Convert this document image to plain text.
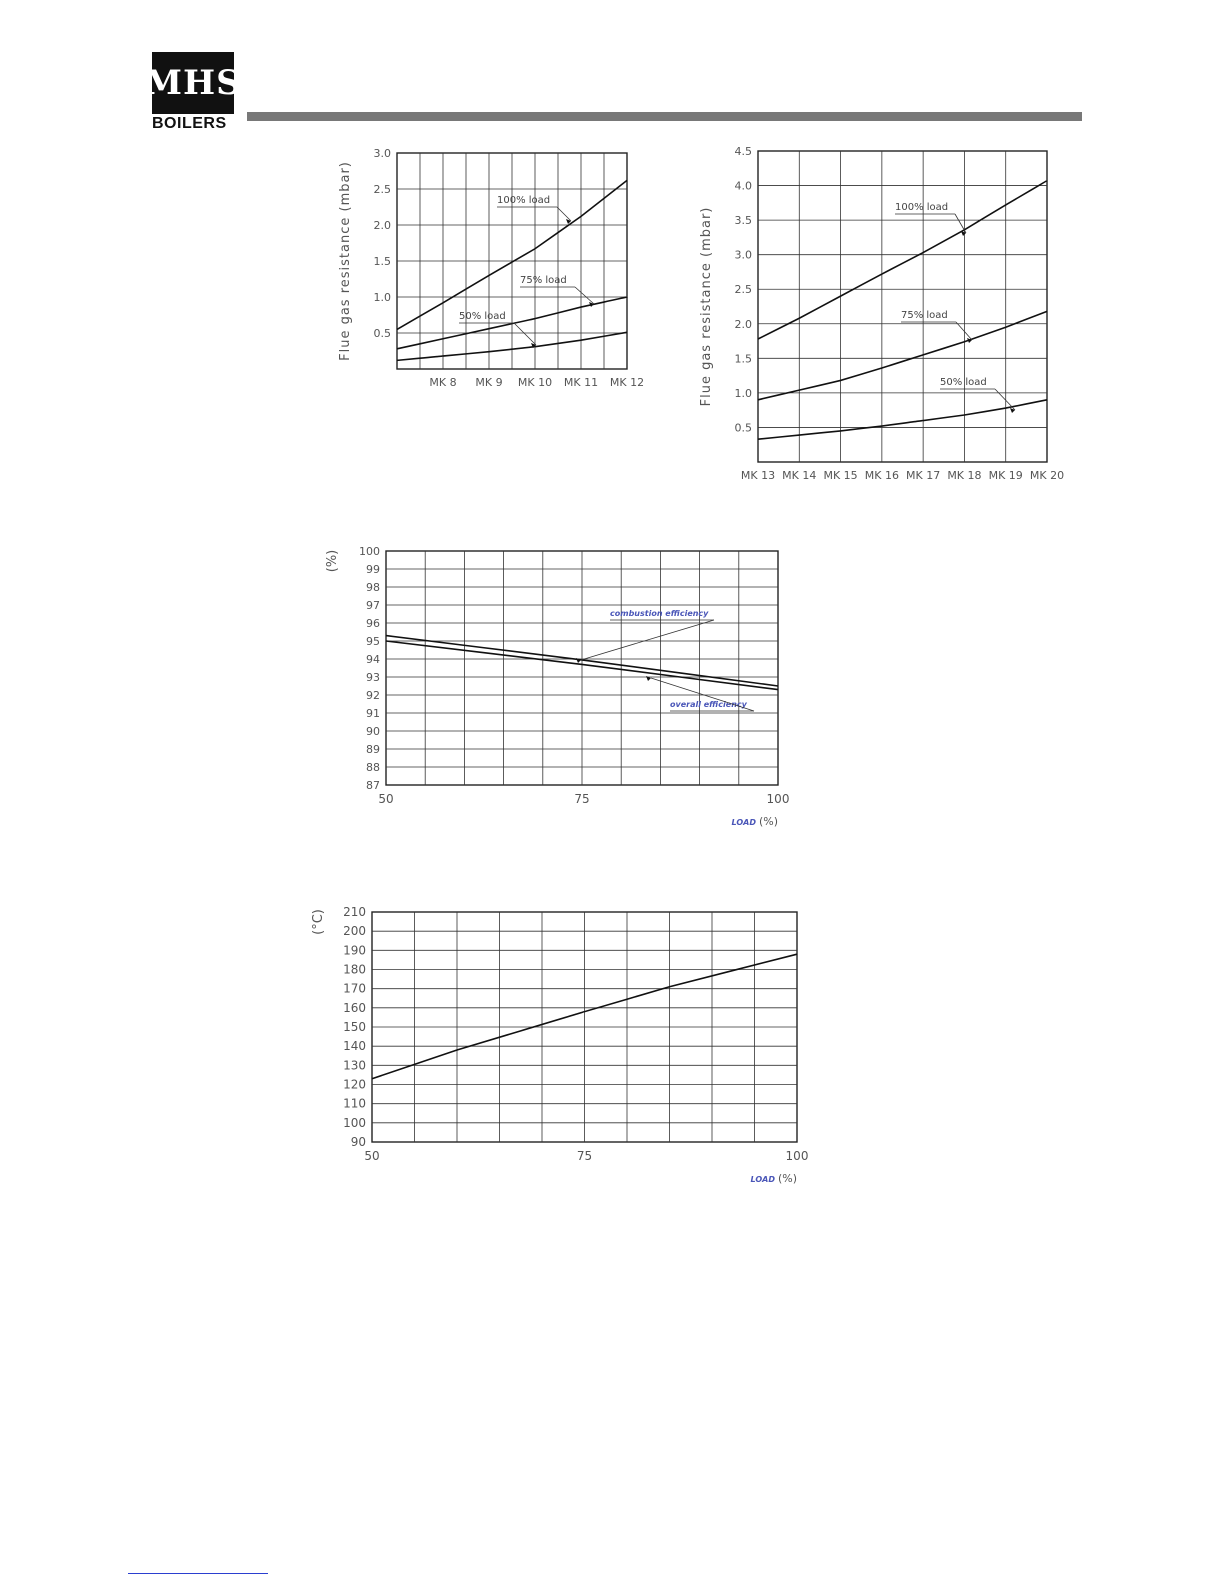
MHS
BOILERS
0.5
1.0
1.5
2.0
2.5
3.0
MK 8 MK 9 MK 10 MK 11 MK 12
Flue gas resistance (mbar)
0.5
1.0
1.5
2.0
2.5
3.0
3.5
4.0
4.5
MK 13 MK 14 MK 15 MK 16 MK 17 MK 18 MK 19 MK 20
Flue gas resistance (mbar)
87
88
89
90
91
92
93
94
95
96
97
98
99
100
50	75	100
LOAD (%)
(%)
90
100
110
120
130
140
150
160
170
180
190
200
210
50	75	100
LOAD (%)
(°C)
100% load
75% load
50% load
100% load
75% load
50% load
combustion efficiency
overall efficiency
